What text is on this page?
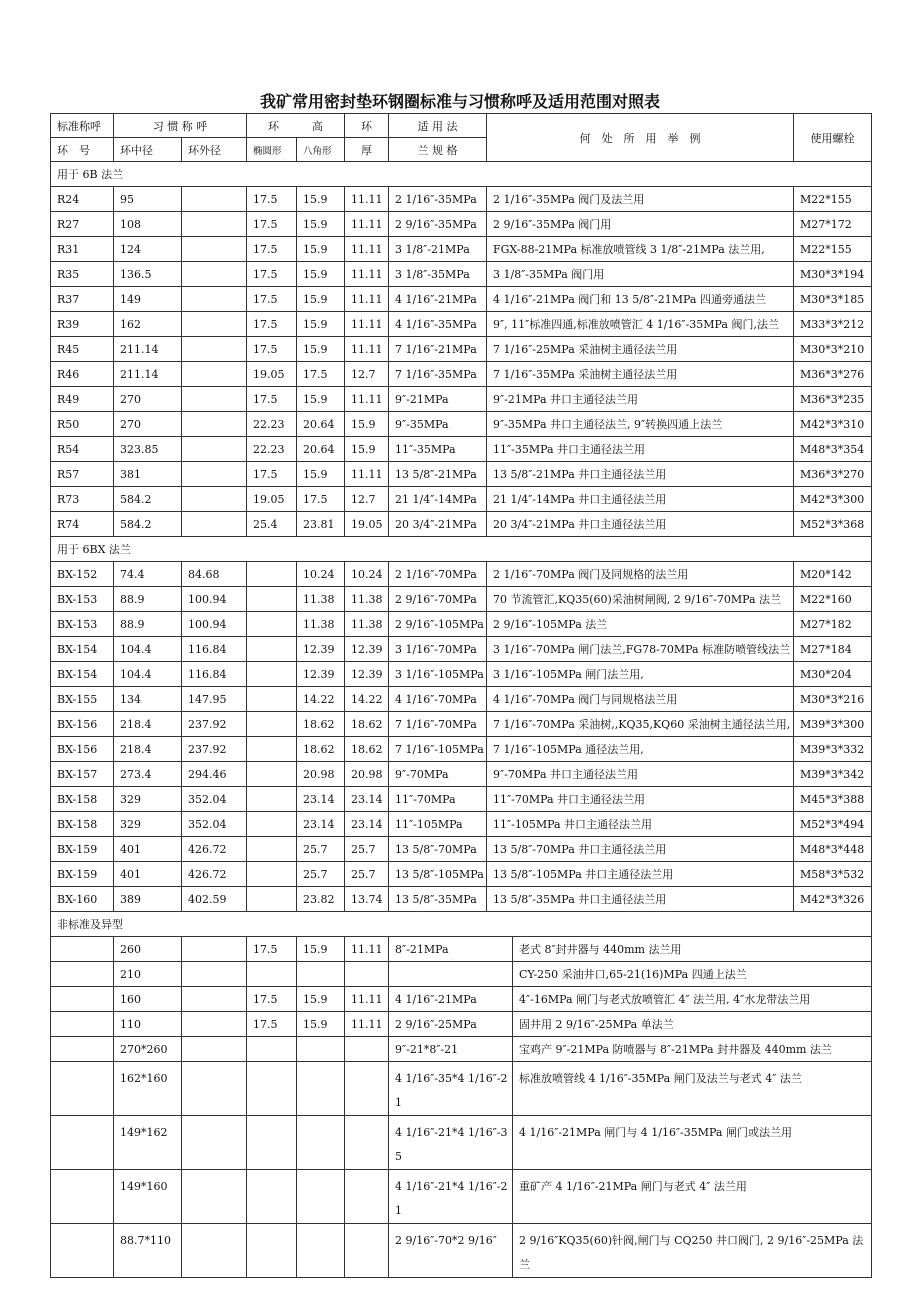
我矿常用密封垫环钢圈标准与习惯称呼及适用范围对照表
标准称呼	习 惯 称 呼		环　　　高		环	适 用 法	何　处　所　用　举　例	使用螺栓
环　号	环中径	环外径	椭圆形	八角形	厚	兰 规 格		
用于 6B 法兰								
R24	95		17.5	15.9	11.11	2 1/16″-35MPa	2 1/16″-35MPa 阀门及法兰用	M22*155
R27	108		17.5	15.9	11.11	2 9/16″-35MPa	2 9/16″-35MPa 阀门用	M27*172
R31	124		17.5	15.9	11.11	3 1/8″-21MPa	FGX-88-21MPa 标准放喷管线 3 1/8″-21MPa 法兰用,	M22*155
R35	136.5		17.5	15.9	11.11	3 1/8″-35MPa	3 1/8″-35MPa 阀门用	M30*3*194
R37	149		17.5	15.9	11.11	4 1/16″-21MPa	4 1/16″-21MPa 阀门和 13 5/8″-21MPa 四通旁通法兰	M30*3*185
R39	162		17.5	15.9	11.11	4 1/16″-35MPa	9″, 11″标准四通,标准放喷管汇 4 1/16″-35MPa 阀门,法兰	M33*3*212
R45	211.14		17.5	15.9	11.11	7 1/16″-21MPa	7 1/16″-25MPa 采油树主通径法兰用	M30*3*210
R46	211.14		19.05	17.5	12.7	7 1/16″-35MPa	7 1/16″-35MPa 采油树主通径法兰用	M36*3*276
R49	270		17.5	15.9	11.11	9″-21MPa	9″-21MPa 井口主通径法兰用	M36*3*235
R50	270		22.23	20.64	15.9	9″-35MPa	9″-35MPa 井口主通径法兰, 9″转换四通上法兰	M42*3*310
R54	323.85		22.23	20.64	15.9	11″-35MPa	11″-35MPa 井口主通径法兰用	M48*3*354
R57	381		17.5	15.9	11.11	13 5/8″-21MPa	13 5/8″-21MPa 井口主通径法兰用	M36*3*270
R73	584.2		19.05	17.5	12.7	21 1/4″-14MPa	21 1/4″-14MPa 井口主通径法兰用	M42*3*300
R74	584.2		25.4	23.81	19.05	20 3/4″-21MPa	20 3/4″-21MPa 井口主通径法兰用	M52*3*368
用于 6BX 法兰								
BX-152	74.4	84.68		10.24	10.24	2 1/16″-70MPa	2 1/16″-70MPa 阀门及同规格的法兰用	M20*142
BX-153	88.9	100.94		11.38	11.38	2 9/16″-70MPa	70 节流管汇,KQ35(60)采油树闸阀, 2 9/16″-70MPa 法兰	M22*160
BX-153	88.9	100.94		11.38	11.38	2 9/16″-105MPa	2 9/16″-105MPa 法兰	M27*182
BX-154	104.4	116.84		12.39	12.39	3 1/16″-70MPa	3 1/16″-70MPa 闸门法兰,FG78-70MPa 标准防喷管线法兰	M27*184
BX-154	104.4	116.84		12.39	12.39	3 1/16″-105MPa	3 1/16″-105MPa 闸门法兰用,	M30*204
BX-155	134	147.95		14.22	14.22	4 1/16″-70MPa	4 1/16″-70MPa 阀门与同规格法兰用	M30*3*216
BX-156	218.4	237.92		18.62	18.62	7 1/16″-70MPa	7 1/16″-70MPa 采油树,,KQ35,KQ60 采油树主通径法兰用,	M39*3*300
BX-156	218.4	237.92		18.62	18.62	7 1/16″-105MPa	7 1/16″-105MPa 通径法兰用,	M39*3*332
BX-157	273.4	294.46		20.98	20.98	9″-70MPa	9″-70MPa 井口主通径法兰用	M39*3*342
BX-158	329	352.04		23.14	23.14	11″-70MPa	11″-70MPa 井口主通径法兰用	M45*3*388
BX-158	329	352.04		23.14	23.14	11″-105MPa	11″-105MPa 井口主通径法兰用	M52*3*494
BX-159	401	426.72		25.7	25.7	13 5/8″-70MPa	13 5/8″-70MPa 井口主通径法兰用	M48*3*448
BX-159	401	426.72		25.7	25.7	13 5/8″-105MPa	13 5/8″-105MPa 井口主通径法兰用	M58*3*532
BX-160	389	402.59		23.82	13.74	13 5/8″-35MPa	13 5/8″-35MPa 井口主通径法兰用	M42*3*326
非标准及异型							
	260		17.5	15.9	11.11	8″-21MPa	老式 8″封井器与 440mm 法兰用
	210						CY-250 采油井口,65-21(16)MPa 四通上法兰
	160		17.5	15.9	11.11	4 1/16″-21MPa	4″-16MPa 闸门与老式放喷管汇 4″ 法兰用, 4″水龙带法兰用
	110		17.5	15.9	11.11	2 9/16″-25MPa	固井用 2 9/16″-25MPa 单法兰
	270*260					9″-21*8″-21	宝鸡产 9″-21MPa 防喷器与 8″-21MPa 封井器及 440mm 法兰
	162*160					4 1/16″-35*4 1/16″-21	标准放喷管线 4 1/16″-35MPa 闸门及法兰与老式 4″ 法兰
	149*162					4 1/16″-21*4 1/16″-35	4 1/16″-21MPa 闸门与 4 1/16″-35MPa 闸门或法兰用
	149*160					4 1/16″-21*4 1/16″-21	重矿产 4 1/16″-21MPa 闸门与老式 4″ 法兰用
	88.7*110					2 9/16″-70*2 9/16″	2 9/16″KQ35(60)针阀,闸门与 CQ250 井口阀门, 2 9/16″-25MPa 法兰
